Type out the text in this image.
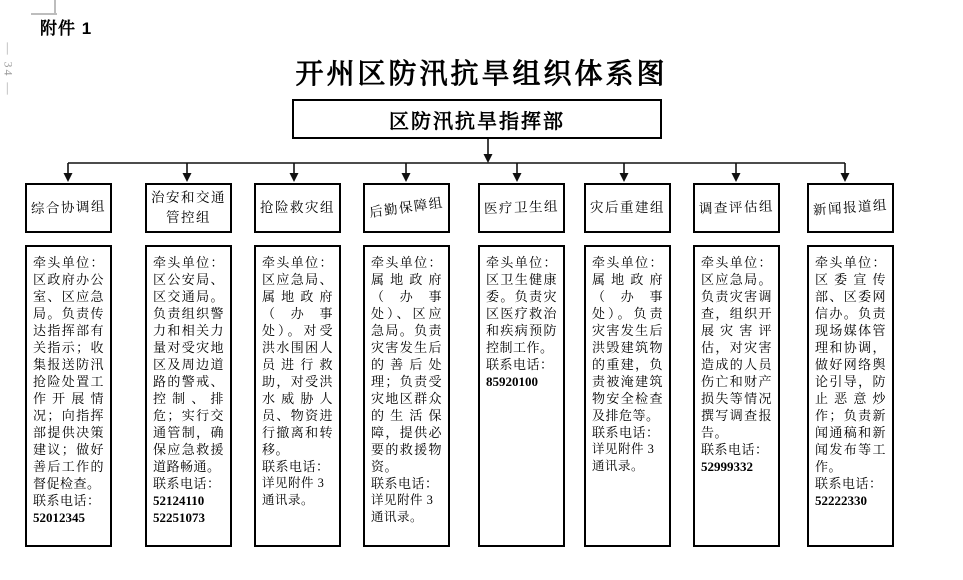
— 34 —
附件 1
开州区防汛抗旱组织体系图
区防汛抗旱指挥部
综合协调组

牵头单位：区政府办公室、区应急局。负责传达指挥部有关指示；收集报送防汛抢险处置工作开展情况；向指挥部提供决策建议；做好善后工作的督促检查。

联系电话：
52012345
治安和交通管控组

牵头单位：区公安局、区交通局。负责组织警力和相关力量对受灾地区及周边道路的警戒、控制、排危；实行交通管制，确保应急救援道路畅通。

联系电话：
52124110
52251073
抢险救灾组

牵头单位：区应急局、属地政府（办事处）。对受洪水围困人员进行救助，对受洪水威胁人员、物资进行撤离和转移。

联系电话：
详见附件 3
通讯录。
后勤保障组

牵头单位：属地政府（办事处）、区应急局。负责灾害发生后的善后处理；负责受灾地区群众的生活保障，提供必要的救援物资。

联系电话：
详见附件 3
通讯录。
医疗卫生组

牵头单位：区卫生健康委。负责灾区医疗救治和疾病预防控制工作。

联系电话：
85920100
灾后重建组

牵头单位：属地政府（办事处）。负责灾害发生后洪毁建筑物的重建，负责被淹建筑物安全检查及排危等。

联系电话：
详见附件 3
通讯录。
调查评估组

牵头单位：区应急局。负责灾害调查，组织开展灾害评估，对灾害造成的人员伤亡和财产损失等情况撰写调查报告。

联系电话：
52999332
新闻报道组

牵头单位：区委宣传部、区委网信办。负责现场媒体管理和协调，做好网络舆论引导，防止恶意炒作；负责新闻通稿和新闻发布等工作。

联系电话：
52222330
